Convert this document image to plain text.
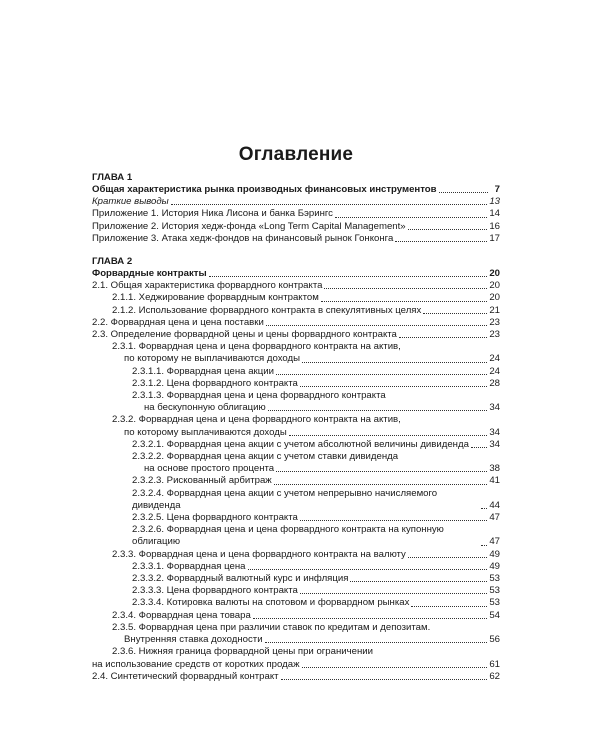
Оглавление
ГЛАВА 1
Общая характеристика рынка производных финансовых инструментов	7
Краткие выводы	13
Приложение 1. История Ника Лисона и банка Бэрингс	14
Приложение 2. История хедж-фонда «Long Term Capital Management»	16
Приложение 3. Атака хедж-фондов на финансовый рынок Гонконга	17
ГЛАВА 2
Форвардные контракты	20
2.1. Общая характеристика форвардного контракта	20
2.1.1. Хеджирование форвардным контрактом	20
2.1.2. Использование форвардного контракта в спекулятивных целях	21
2.2. Форвардная цена и цена поставки	23
2.3. Определение форвардной цены и цены форвардного контракта	23
2.3.1. Форвардная цена и цена форвардного контракта на актив,
по которому не выплачиваются доходы	24
2.3.1.1. Форвардная цена акции	24
2.3.1.2. Цена форвардного контракта	28
2.3.1.3. Форвардная цена и цена форвардного контракта
на бескупонную облигацию	34
2.3.2. Форвардная цена и цена форвардного контракта на актив,
по которому выплачиваются доходы	34
2.3.2.1. Форвардная цена акции с учетом абсолютной величины дивиденда 34
2.3.2.2. Форвардная цена акции с учетом ставки дивиденда
на основе простого процента	38
2.3.2.3. Рискованный арбитраж	41
2.3.2.4. Форвардная цена акции с учетом непрерывно начисляемого дивиденда	44
2.3.2.5. Цена форвардного контракта	47
2.3.2.6. Форвардная цена и цена форвардного контракта на купонную облигацию	47
2.3.3. Форвардная цена и цена форвардного контракта на валюту	49
2.3.3.1. Форвардная цена	49
2.3.3.2. Форвардный валютный курс и инфляция	53
2.3.3.3. Цена форвардного контракта	53
2.3.3.4. Котировка валюты на спотовом и форвардном рынках	53
2.3.4. Форвардная цена товара	54
2.3.5. Форвардная цена при различии ставок по кредитам и депозитам.
Внутренняя ставка доходности	56
2.3.6. Нижняя граница форвардной цены при ограничении
на использование средств от коротких продаж	61
2.4. Синтетический форвардный контракт	62
